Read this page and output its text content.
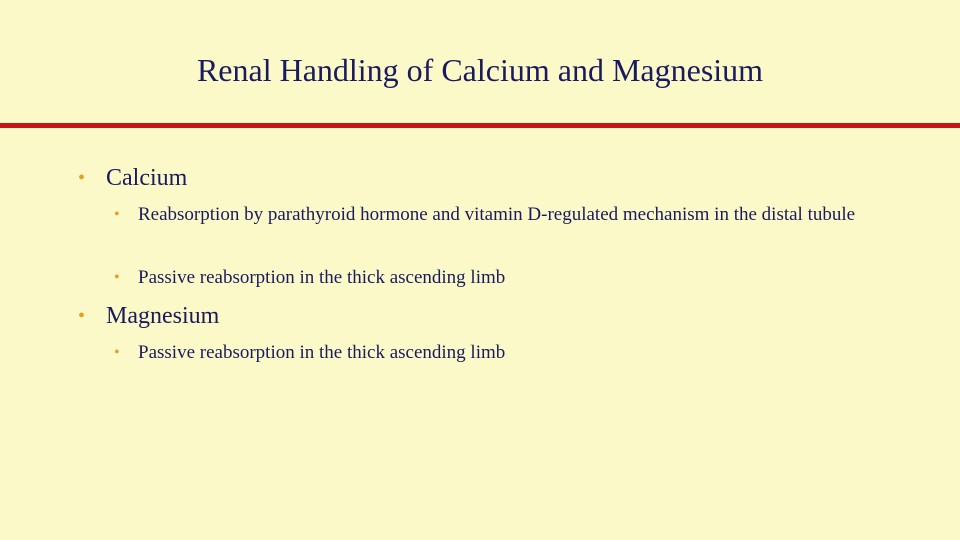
Renal Handling of Calcium and Magnesium
• Calcium
• Reabsorption by parathyroid hormone and vitamin D-regulated mechanism in the distal tubule
• Passive reabsorption in the thick ascending limb
• Magnesium
• Passive reabsorption in the thick ascending limb
